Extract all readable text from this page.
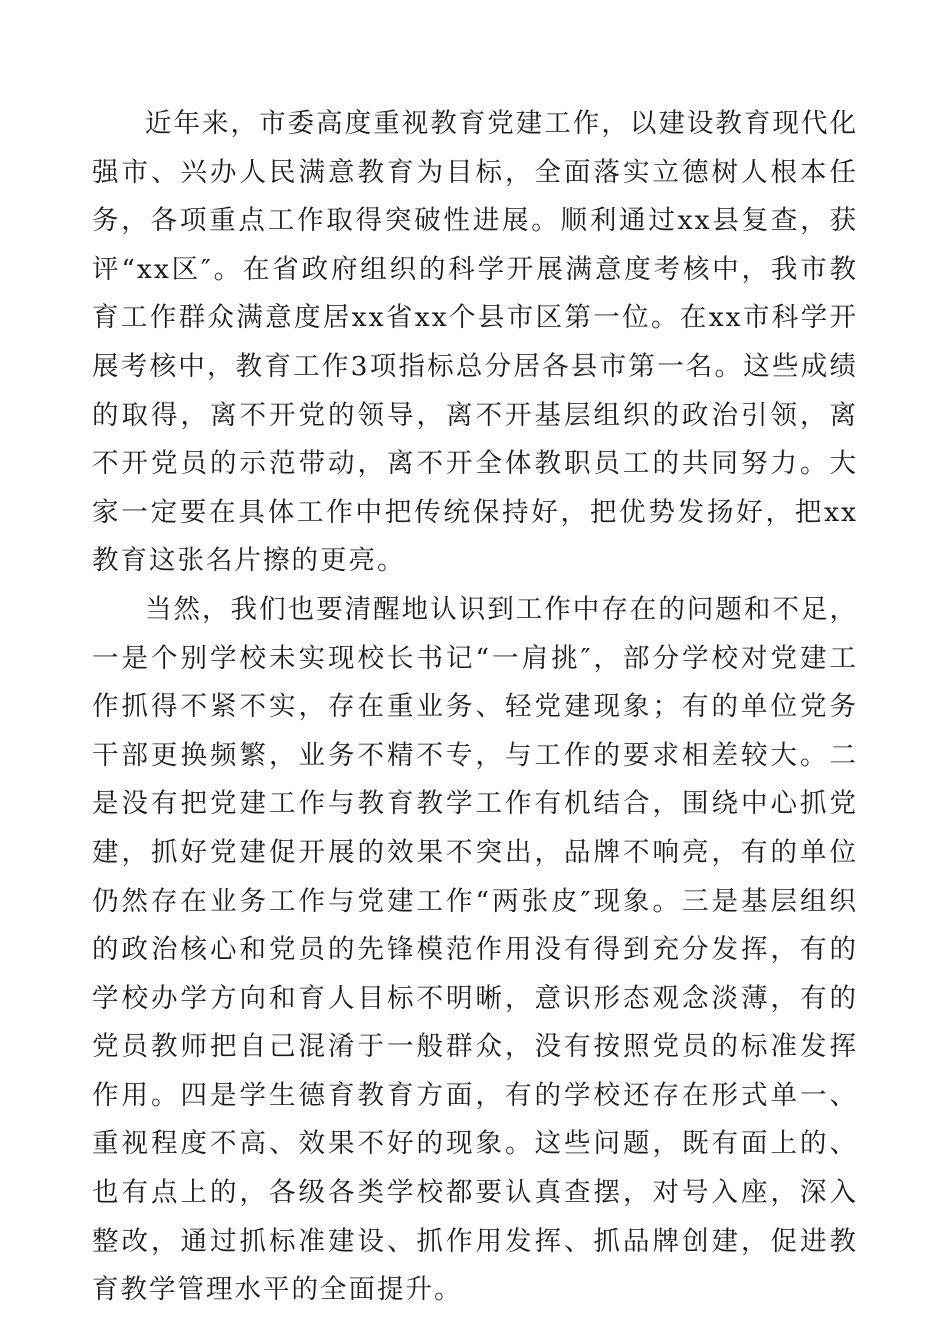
近年来，市委高度重视教育党建工作，以建设教育现代化强市、兴办人民满意教育为目标，全面落实立德树人根本任务，各项重点工作取得突破性进展。顺利通过xx县复查，获评“xx区″。在省政府组织的科学开展满意度考核中，我市教育工作群众满意度居xx省xx个县市区第一位。在xx市科学开展考核中，教育工作3项指标总分居各县市第一名。这些成绩的取得，离不开党的领导，离不开基层组织的政治引领，离不开党员的示范带动，离不开全体教职员工的共同努力。大家一定要在具体工作中把传统保持好，把优势发扬好，把xx教育这张名片擦的更亮。

当然，我们也要清醒地认识到工作中存在的问题和不足，一是个别学校未实现校长书记“一肩挑″，部分学校对党建工作抓得不紧不实，存在重业务、轻党建现象；有的单位党务干部更换频繁，业务不精不专，与工作的要求相差较大。二是没有把党建工作与教育教学工作有机结合，围绕中心抓党建，抓好党建促开展的效果不突出，品牌不响亮，有的单位仍然存在业务工作与党建工作“两张皮″现象。三是基层组织的政治核心和党员的先锋模范作用没有得到充分发挥，有的学校办学方向和育人目标不明晰，意识形态观念淡薄，有的党员教师把自己混淆于一般群众，没有按照党员的标准发挥作用。四是学生德育教育方面，有的学校还存在形式单一、重视程度不高、效果不好的现象。这些问题，既有面上的、也有点上的，各级各类学校都要认真查摆，对号入座，深入整改，通过抓标准建设、抓作用发挥、抓品牌创建，促进教育教学管理水平的全面提升。
